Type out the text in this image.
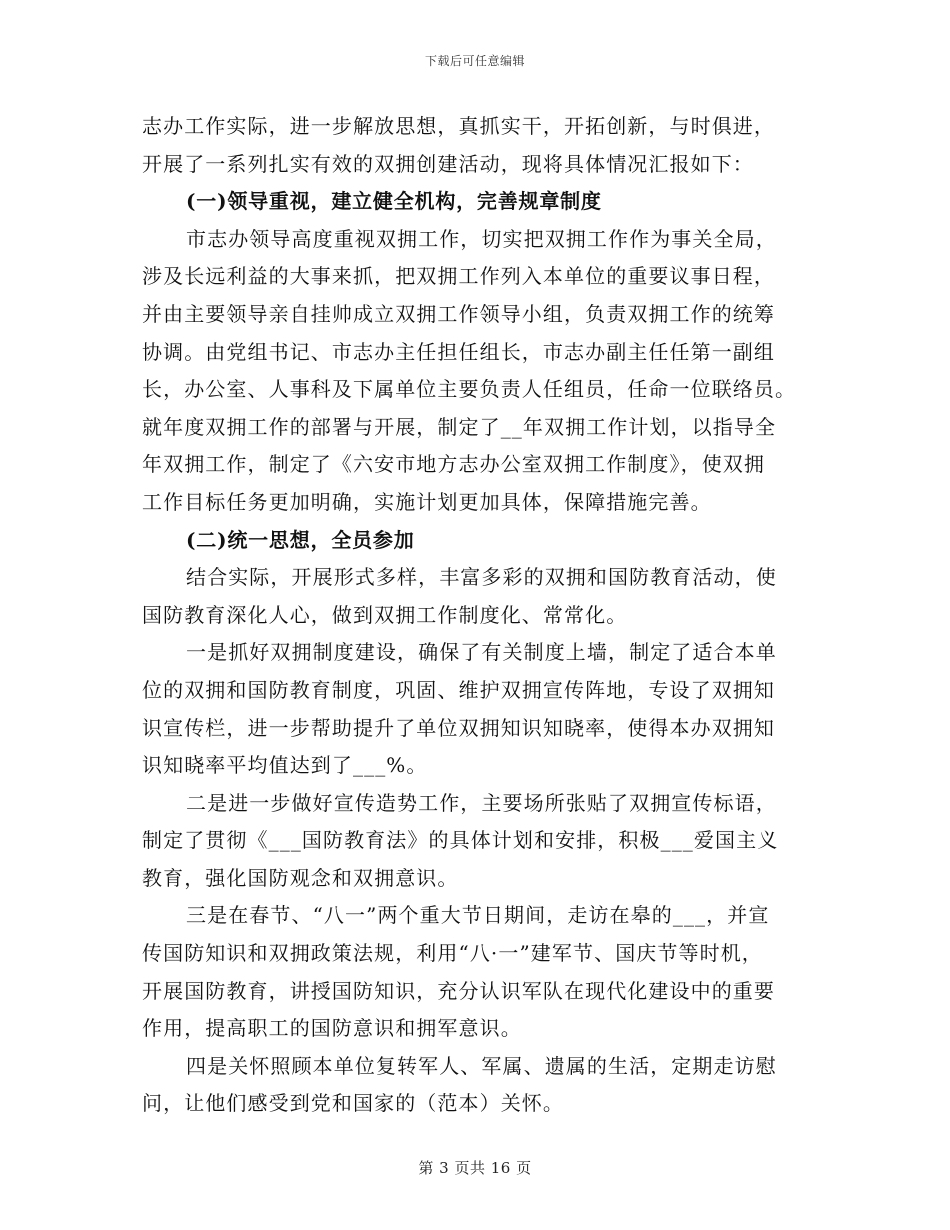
下载后可任意编辑
志办工作实际，进一步解放思想，真抓实干，开拓创新，与时俱进，
开展了一系列扎实有效的双拥创建活动，现将具体情况汇报如下：
(一)领导重视，建立健全机构，完善规章制度
市志办领导高度重视双拥工作，切实把双拥工作作为事关全局，
涉及长远利益的大事来抓，把双拥工作列入本单位的重要议事日程，
并由主要领导亲自挂帅成立双拥工作领导小组，负责双拥工作的统筹
协调。由党组书记、市志办主任担任组长，市志办副主任任第一副组
长，办公室、人事科及下属单位主要负责人任组员，任命一位联络员。
就年度双拥工作的部署与开展，制定了__年双拥工作计划，以指导全
年双拥工作，制定了《六安市地方志办公室双拥工作制度》，使双拥
工作目标任务更加明确，实施计划更加具体，保障措施完善。
(二)统一思想，全员参加
结合实际，开展形式多样，丰富多彩的双拥和国防教育活动，使
国防教育深化人心，做到双拥工作制度化、常常化。
一是抓好双拥制度建设，确保了有关制度上墙，制定了适合本单
位的双拥和国防教育制度，巩固、维护双拥宣传阵地，专设了双拥知
识宣传栏，进一步帮助提升了单位双拥知识知晓率，使得本办双拥知
识知晓率平均值达到了___%。
二是进一步做好宣传造势工作，主要场所张贴了双拥宣传标语，
制定了贯彻《___国防教育法》的具体计划和安排，积极___爱国主义
教育，强化国防观念和双拥意识。
三是在春节、“八一”两个重大节日期间，走访在皋的___，并宣
传国防知识和双拥政策法规，利用“八·一”建军节、国庆节等时机，
开展国防教育，讲授国防知识，充分认识军队在现代化建设中的重要
作用，提高职工的国防意识和拥军意识。
四是关怀照顾本单位复转军人、军属、遗属的生活，定期走访慰
问，让他们感受到党和国家的（范本）关怀。
第 3 页共 16 页
